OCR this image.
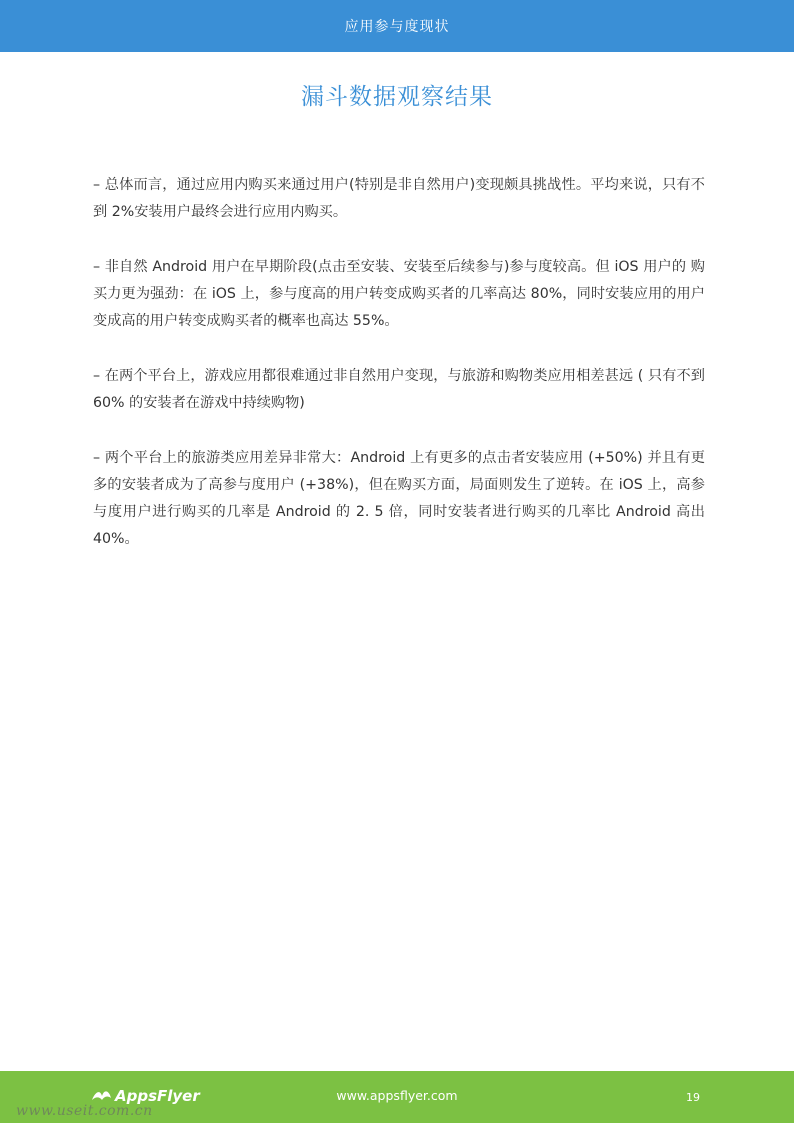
应用参与度现状
漏斗数据观察结果

– 总体而言，通过应用内购买来通过用户(特别是非自然用户)变现颇具挑战性。平均来说，只有不到 2%安装用户最终会进行应用内购买。

– 非自然 Android 用户在早期阶段(点击至安装、安装至后续参与)参与度较高。但 iOS 用户的 购买力更为强劲：在 iOS 上，参与度高的用户转变成购买者的几率高达 80%，同时安装应用的用户变成高的用户转变成购买者的概率也高达 55%。

– 在两个平台上，游戏应用都很难通过非自然用户变现，与旅游和购物类应用相差甚远 ( 只有不到 60% 的安装者在游戏中持续购物)

– 两个平台上的旅游类应用差异非常大：Android 上有更多的点击者安装应用 (+50%) 并且有更多的安装者成为了高参与度用户 (+38%)，但在购买方面，局面则发生了逆转。在 iOS 上，高参与度用户进行购买的几率是 Android 的 2. 5 倍，同时安装者进行购买的几率比 Android 高出 40%。

AppsFlyer
www.useit.com.cn
www.appsflyer.com	19
